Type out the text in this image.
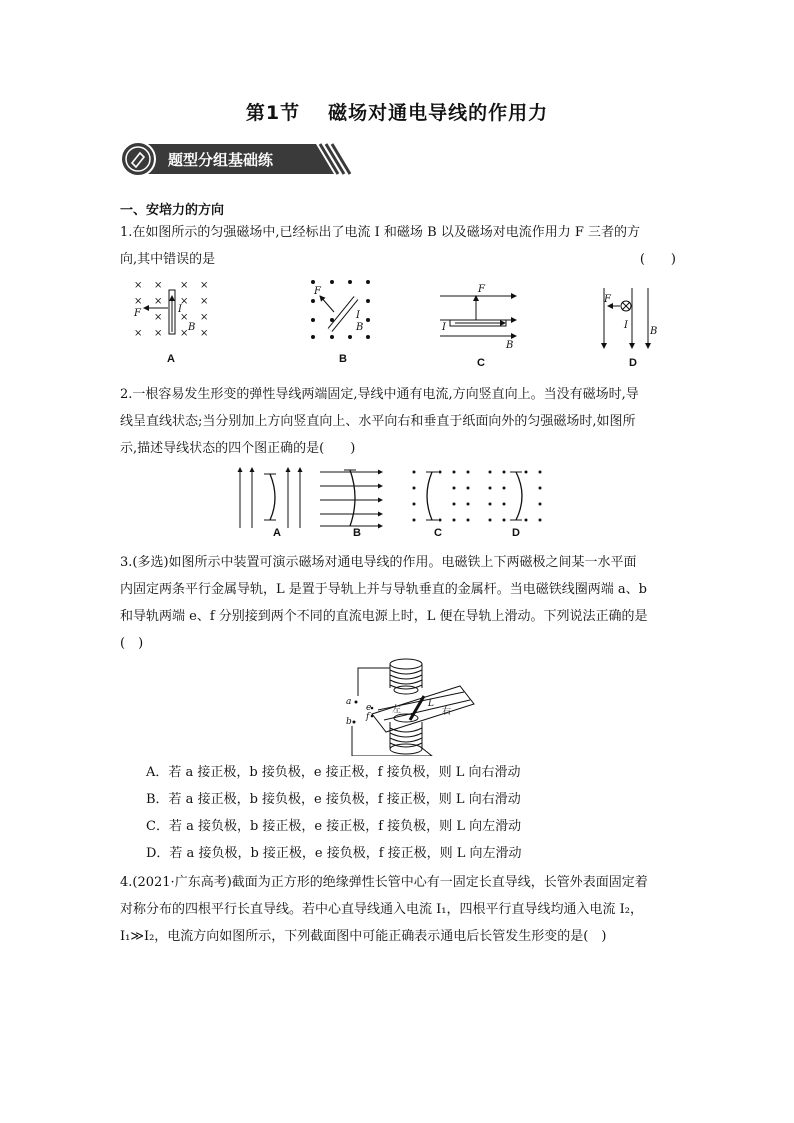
第1节 磁场对通电导线的作用力
题型分组基础练
一、安培力的方向
1.在如图所示的匀强磁场中,已经标出了电流 I 和磁场 B 以及磁场对电流作用力 F 三者的方
向,其中错误的是	(　　)
× × × ×
× × × ×
× × ×
× × × ×
F	I
B
F
I
B
F
I
B
F
I
B
A	B	C	D
2.一根容易发生形变的弹性导线两端固定,导线中通有电流,方向竖直向上。当没有磁场时,导
线呈直线状态;当分别加上方向竖直向上、水平向右和垂直于纸面向外的匀强磁场时,如图所
示,描述导线状态的四个图正确的是(　　)
A	B	C	D
3.(多选)如图所示中装置可演示磁场对通电导线的作用。电磁铁上下两磁极之间某一水平面
内固定两条平行金属导轨，L 是置于导轨上并与导轨垂直的金属杆。当电磁铁线圈两端 a、b
和导轨两端 e、f 分别接到两个不同的直流电源上时，L 便在导轨上滑动。下列说法正确的是
(　)
a
b
e
f
左
L
右
A．若 a 接正极，b 接负极，e 接正极，f 接负极，则 L 向右滑动
B．若 a 接正极，b 接负极，e 接负极，f 接正极，则 L 向右滑动
C．若 a 接负极，b 接正极，e 接正极，f 接负极，则 L 向左滑动
D．若 a 接负极，b 接正极，e 接负极，f 接正极，则 L 向左滑动
4.(2021·广东高考)截面为正方形的绝缘弹性长管中心有一固定长直导线，长管外表面固定着
对称分布的四根平行长直导线。若中心直导线通入电流 I₁，四根平行直导线均通入电流 I₂，
I₁≫I₂，电流方向如图所示，下列截面图中可能正确表示通电后长管发生形变的是(　)
